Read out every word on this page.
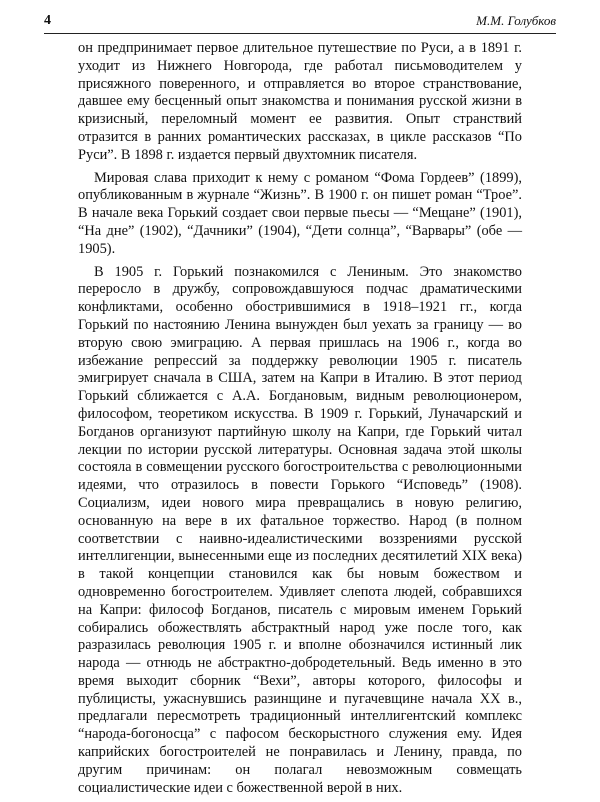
4	М.М. Голубков

он предпринимает первое длительное путешествие по Руси, а в 1891 г. уходит из Нижнего Новгорода, где работал письмоводителем у присяжного поверенного, и отправляется во второе странствование, давшее ему бесценный опыт знакомства и понимания русской жизни в кризисный, переломный момент ее развития. Опыт странствий отразится в ранних романтических рассказах, в цикле рассказов “По Руси”. В 1898 г. издается первый двухтомник писателя.

Мировая слава приходит к нему с романом “Фома Гордеев” (1899), опубликованным в журнале “Жизнь”. В 1900 г. он пишет роман “Трое”. В начале века Горький создает свои первые пьесы — “Мещане” (1901), “На дне” (1902), “Дачники” (1904), “Дети солнца”, “Варвары” (обе — 1905).

В 1905 г. Горький познакомился с Лениным. Это знакомство переросло в дружбу, сопровождавшуюся подчас драматическими конфликтами, особенно обострившимися в 1918–1921 гг., когда Горький по настоянию Ленина вынужден был уехать за границу — во вторую свою эмиграцию. А первая пришлась на 1906 г., когда во избежание репрессий за поддержку революции 1905 г. писатель эмигрирует сначала в США, затем на Капри в Италию. В этот период Горький сближается с А.А. Богдановым, видным революционером, философом, теоретиком искусства. В 1909 г. Горький, Луначарский и Богданов организуют партийную школу на Капри, где Горький читал лекции по истории русской литературы. Основная задача этой школы состояла в совмещении русского богостроительства с революционными идеями, что отразилось в повести Горького “Исповедь” (1908). Социализм, идеи нового мира превращались в новую религию, основанную на вере в их фатальное торжество. Народ (в полном соответствии с наивно-идеалистическими воззрениями русской интеллигенции, вынесенными еще из последних десятилетий XIX века) в такой концепции становился как бы новым божеством и одновременно богостроителем. Удивляет слепота людей, собравшихся на Капри: философ Богданов, писатель с мировым именем Горький собирались обожествлять абстрактный народ уже после того, как разразилась революция 1905 г. и вполне обозначился истинный лик народа — отнюдь не абстрактно-добродетельный. Ведь именно в это время выходит сборник “Вехи”, авторы которого, философы и публицисты, ужаснувшись разинщине и пугачевщине начала XX в., предлагали пересмотреть традиционный интеллигентский комплекс “народа-богоносца” с пафосом бескорыстного служения ему. Идея каприйских богостроителей не понравилась и Ленину, правда, по другим причинам: он полагал невозможным совмещать социалистические идеи с божественной верой в них.
